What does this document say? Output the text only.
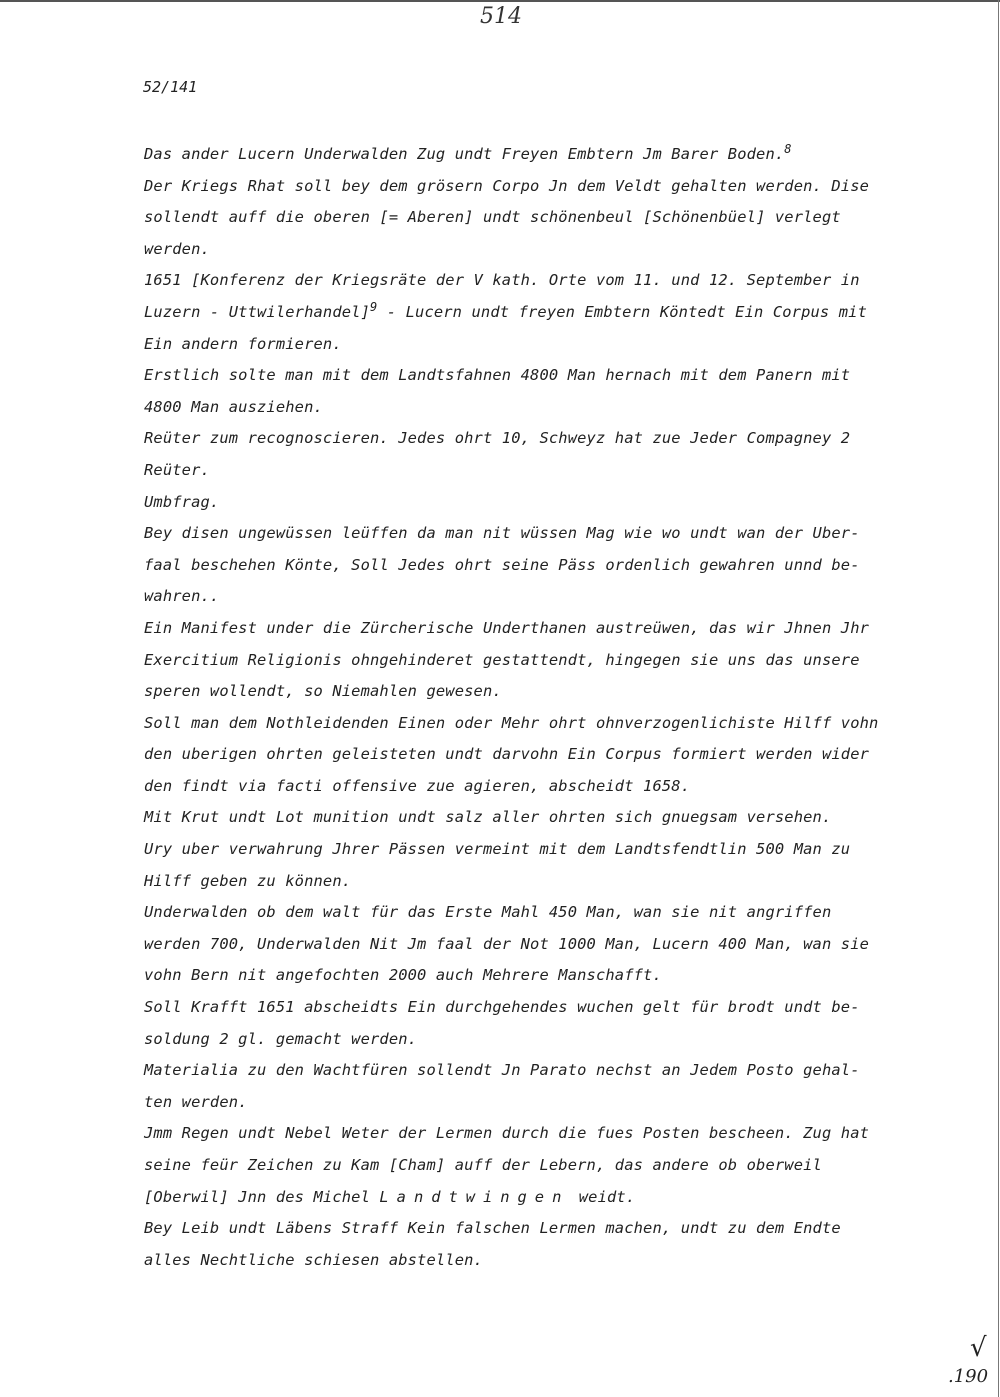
514
52/141
Das ander Lucern Underwalden Zug undt Freyen Embtern Jm Barer Boden.$^8$
Der Kriegs Rhat soll bey dem grösern Corpo Jn dem Veldt gehalten werden. Dise
sollendt auff die oberen [= Aberen] undt schönenbeul [Schönenbüel] verlegt
werden.
1651 [Konferenz der Kriegsräte der V kath. Orte vom 11. und 12. September in
Luzern - Uttwilerhandel]$^9$ - Lucern undt freyen Embtern Köntedt Ein Corpus mit
Ein andern formieren.
Erstlich solte man mit dem Landtsfahnen 4800 Man hernach mit dem Panern mit
4800 Man ausziehen.
Reüter zum recognoscieren. Jedes ohrt 10, Schweyz hat zue Jeder Compagney 2
Reüter.
Umbfrag.
Bey disen ungewüssen leüffen da man nit wüssen Mag wie wo undt wan der Uber-
faal beschehen Könte, Soll Jedes ohrt seine Päss ordenlich gewahren unnd be-
wahren..
Ein Manifest under die Zürcherische Underthanen austreüwen, das wir Jhnen Jhr
Exercitium Religionis ohngehinderet gestattendt, hingegen sie uns das unsere
speren wollendt, so Niemahlen gewesen.
Soll man dem Nothleidenden Einen oder Mehr ohrt ohnverzogenlichiste Hilff vohn
den uberigen ohrten geleisteten undt darvohn Ein Corpus formiert werden wider
den findt via facti offensive zue agieren, abscheidt 1658.
Mit Krut undt Lot munition undt salz aller ohrten sich gnuegsam versehen.
Ury uber verwahrung Jhrer Pässen vermeint mit dem Landtsfendtlin 500 Man zu
Hilff geben zu können.
Underwalden ob dem walt für das Erste Mahl 450 Man, wan sie nit angriffen
werden 700, Underwalden Nit Jm faal der Not 1000 Man, Lucern 400 Man, wan sie
vohn Bern nit angefochten 2000 auch Mehrere Manschafft.
Soll Krafft 1651 abscheidts Ein durchgehendes wuchen gelt für brodt undt be-
soldung 2 gl. gemacht werden.
Materialia zu den Wachtfüren sollendt Jn Parato nechst an Jedem Posto gehal-
ten werden.
Jmm Regen undt Nebel Weter der Lermen durch die fues Posten bescheen. Zug hat
seine feür Zeichen zu Kam [Cham] auff der Lebern, das andere ob oberweil
[Oberwil] Jnn des Michel Landtwingen weidt.
Bey Leib undt Läbens Straff Kein falschen Lermen machen, undt zu dem Endte
alles Nechtliche schiesen abstellen.
√
.190
